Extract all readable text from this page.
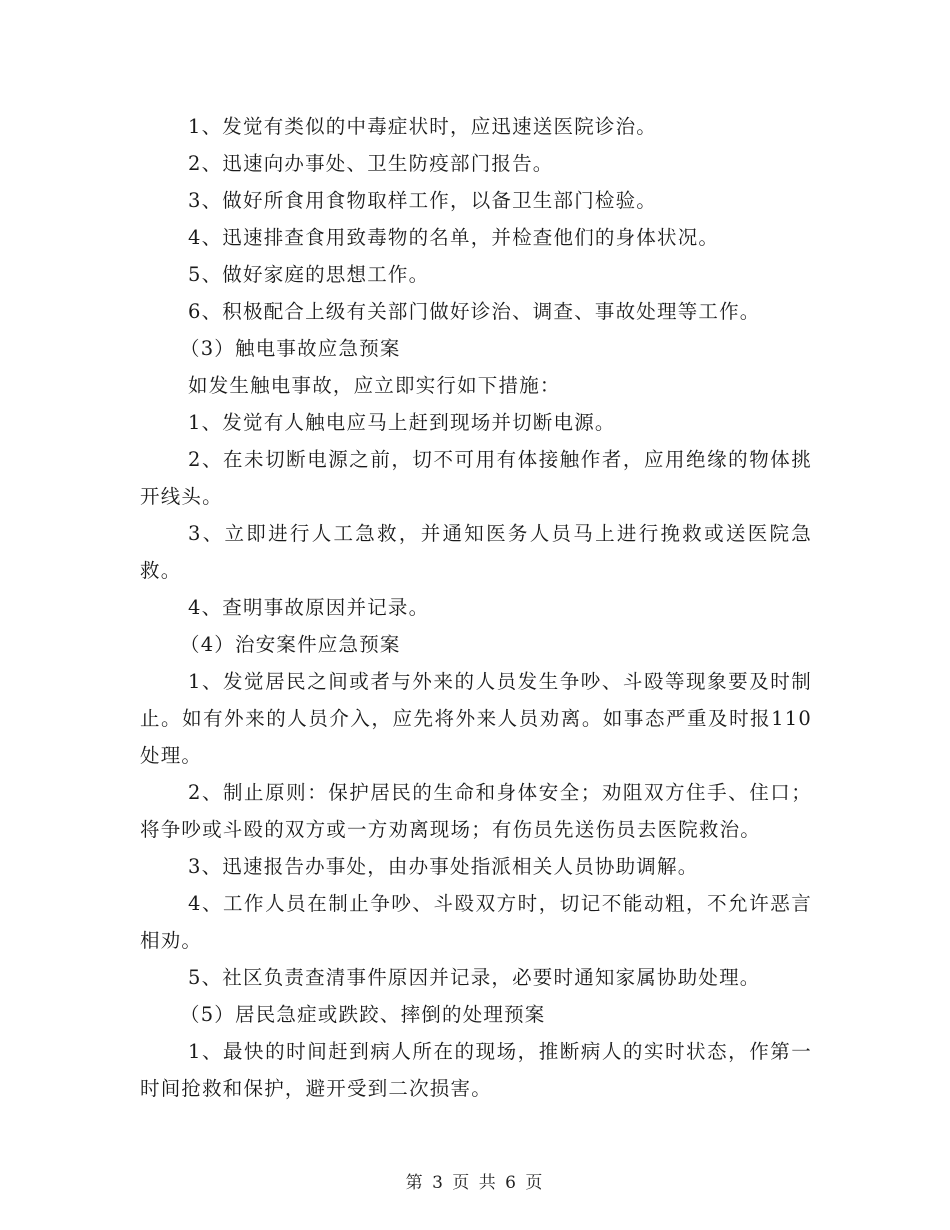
1、发觉有类似的中毒症状时，应迅速送医院诊治。

2、迅速向办事处、卫生防疫部门报告。

3、做好所食用食物取样工作，以备卫生部门检验。

4、迅速排查食用致毒物的名单，并检查他们的身体状况。

5、做好家庭的思想工作。

6、积极配合上级有关部门做好诊治、调查、事故处理等工作。

（3）触电事故应急预案

如发生触电事故，应立即实行如下措施：

1、发觉有人触电应马上赶到现场并切断电源。

2、在未切断电源之前，切不可用有体接触作者，应用绝缘的物体挑开线头。

3、立即进行人工急救，并通知医务人员马上进行挽救或送医院急救。

4、查明事故原因并记录。

（4）治安案件应急预案

1、发觉居民之间或者与外来的人员发生争吵、斗殴等现象要及时制止。如有外来的人员介入，应先将外来人员劝离。如事态严重及时报110处理。

2、制止原则：保护居民的生命和身体安全；劝阻双方住手、住口；将争吵或斗殴的双方或一方劝离现场；有伤员先送伤员去医院救治。

3、迅速报告办事处，由办事处指派相关人员协助调解。

4、工作人员在制止争吵、斗殴双方时，切记不能动粗，不允许恶言相劝。

5、社区负责查清事件原因并记录，必要时通知家属协助处理。

（5）居民急症或跌跤、摔倒的处理预案

1、最快的时间赶到病人所在的现场，推断病人的实时状态，作第一时间抢救和保护，避开受到二次损害。

第 3 页 共 6 页
